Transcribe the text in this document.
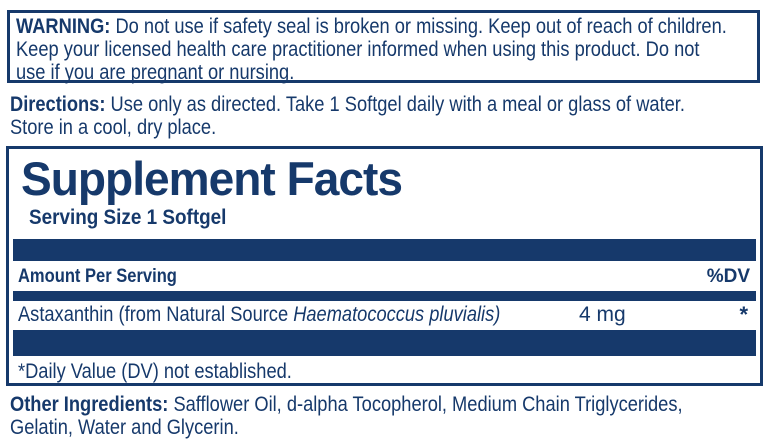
WARNING: Do not use if safety seal is broken or missing. Keep out of reach of children.
Keep your licensed health care practitioner informed when using this product. Do not
use if you are pregnant or nursing.
Directions: Use only as directed. Take 1 Softgel daily with a meal or glass of water.
Store in a cool, dry place.
Supplement Facts
Serving Size 1 Softgel
Amount Per Serving	%DV
Astaxanthin (from Natural Source Haematococcus pluvialis)	4 mg	*
*Daily Value (DV) not established.
Other Ingredients: Safflower Oil, d-alpha Tocopherol, Medium Chain Triglycerides,
Gelatin, Water and Glycerin.
